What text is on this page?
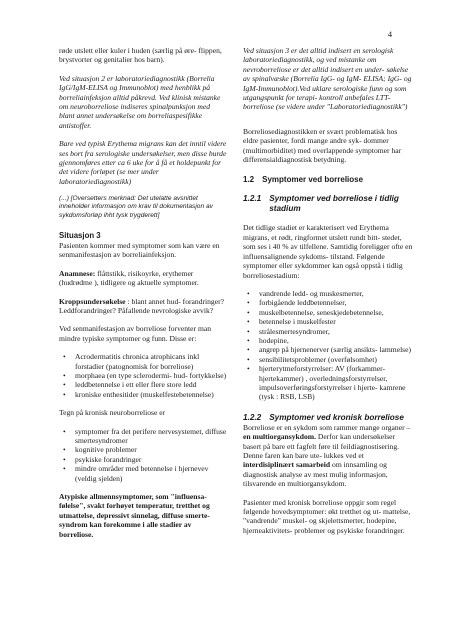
4

røde utslett eller kuler i huden (særlig på øre- flippen, brystvorter og genitalier hos barn).

Ved situasjon 2 er laboratoriediagnostikk (Borrelia IgG/IgM-ELISA og Immunoblot) med henblikk på borreliainfeksjon alltid påkrevd. Ved klinisk mistanke om neuroborreliose indiseres spinalpunksjon med blant annet undersøkelse om borreliaspesifikke antistoffer.

Bare ved typisk Erythema migrans kan det inntil videre ses bort fra serologiske undersøkelser, men disse burde gjennomføres etter ca 6 uke for å få et holdepunkt for det videre forløpet (se mer under laboratoriediagnostikk)

(...) [Oversetters merknad: Det utelatte avsnittet inneholder informasjon om krav til dokumentasjon av sykdomsforløp ihht tysk trygderett]

Situasjon 3

Pasienten kommer med symptomer som kan være en senmanifestasjon av borreliainfeksjon.

Anamnese: flåttstikk, risikoyrke, erythemer (hudrødme ), tidligere og aktuelle symptomer.

Kroppsundersøkelse : blant annet hud- forandringer? Leddforandringer? Påfallende nevrologiske avvik?

Ved senmanifestasjon av borreliose forventer man mindre typiske symptomer og funn. Disse er:

• Acrodermatitis chronica atrophicans inkl forstadier (patognomisk for borreliose)
• morphaea (en type sclerodermi- hud- fortykkelse)
• leddbetennelse i ett eller flere store ledd
• kroniske enthesitider (muskelfestebetennelse)

Tegn på kronisk neuroborreliose er

• symptomer fra det perifere nervesystemet, diffuse smertesyndromer
• kognitive problemer
• psykiske forandringer
• mindre områder med betennelse i hjernevev (veldig sjelden)

Atypiske allmennsymptomer, som "influensa- følelse", svakt forhøyet temperatur, tretthet og utmattelse, depressivt sinnelag, diffuse smerte- syndrom kan forekomme i alle stadier av borreliose.

Ved situasjon 3 er det alltid indisert en serologisk laboratoriediagnostikk, og ved mistanke om nevroborreliose er det alltid indisert en under- søkelse av spinalvæske (Borrelia IgG- og IgM- ELISA; IgG- og IgM-Immunoblot).Ved uklare serologiske funn og som utgangspunkt for terapi- kontroll anbefales LTT-borreliose (se videre under "Laboratoriediagnostikk")

Borreliosediagnostikken er svært problematisk hos eldre pasienter, fordi mange andre syk- dommer (multimorbiditet) med overlappende symptomer har differensialdiagnostisk betydning.

1.2 Symptomer ved borreliose
1.2.1 Symptomer ved borreliose i tidlig stadium

Det tidlige stadiet er karakterisert ved Erythema migrans, et rødt, ringformet utslett rundt bitt- stedet, som ses i 40 % av tilfellene. Samtidig foreligger ofte en influensalignende sykdoms- tilstand. Følgende symptomer eller sykdommer kan også oppstå i tidlig borreliosestadium:

• vandrende ledd- og muskesmerter,
• forbigående leddbetennelser,
• muskelbetennelse, seneskjedebetennelse,
• betennelse i muskelfester
• strålesmertesyndromer,
• hodepine,
• angrep på hjernenerver (særlig ansikts- lammelse)
• sensibilitetsproblemer (overfølsomhet)
• hjerterytmeforstyrrelser: AV (forkammer- hjertekammer) , overledningsforstyrrelser, impulsoverføringsforstyrrelser i hjerte- kamrene (tysk : RSB, LSB)
1.2.2 Symptomer ved kronisk borreliose

Borreliose er en sykdom som rammer mange organer – en multiorgansykdom. Derfor kan undersøkelser basert på bare ett fagfelt føre til feildiagnostisering. Denne faren kan bare ute- lukkes ved et interdisiplinært samarbeid om innsamling og diagnostisk analyse av mest mulig informasjon, tilsvarende en multiorgansykdom.

Pasienter med kronisk borreliose oppgir som regel følgende hovedsymptomer: økt tretthet og ut- mattelse, "vandrende" muskel- og skjelettsmerter, hodepine, hjerneaktivitets- problemer og psykiske forandringer.
